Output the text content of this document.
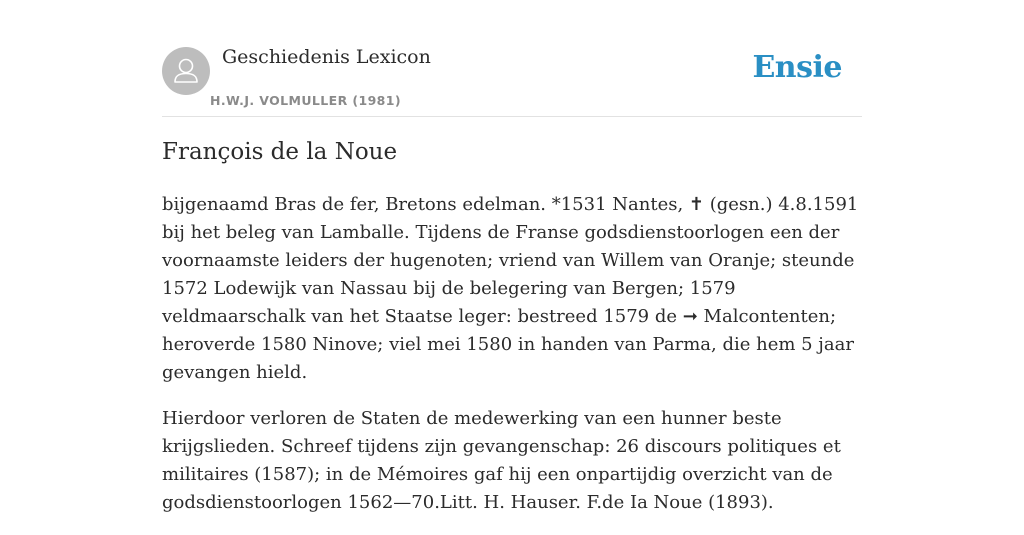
Geschiedenis Lexicon
H.W.J. VOLMULLER (1981)
Ensie
François de la Noue

bijgenaamd Bras de fer, Bretons edelman. *1531 Nantes, ✝ (gesn.) 4.8.1591 bij het beleg van Lamballe. Tijdens de Franse godsdienstoorlogen een der voornaamste leiders der hugenoten; vriend van Willem van Oranje; steunde 1572 Lodewijk van Nassau bij de belegering van Bergen; 1579 veldmaarschalk van het Staatse leger: bestreed 1579 de ➞ Malcontenten; heroverde 1580 Ninove; viel mei 1580 in handen van Parma, die hem 5 jaar gevangen hield.

Hierdoor verloren de Staten de medewerking van een hunner beste krijgslieden. Schreef tijdens zijn gevangenschap: 26 discours politiques et militaires (1587); in de Mémoires gaf hij een onpartijdig overzicht van de godsdienstoorlogen 1562—70.Litt. H. Hauser. F.de Ia Noue (1893).
